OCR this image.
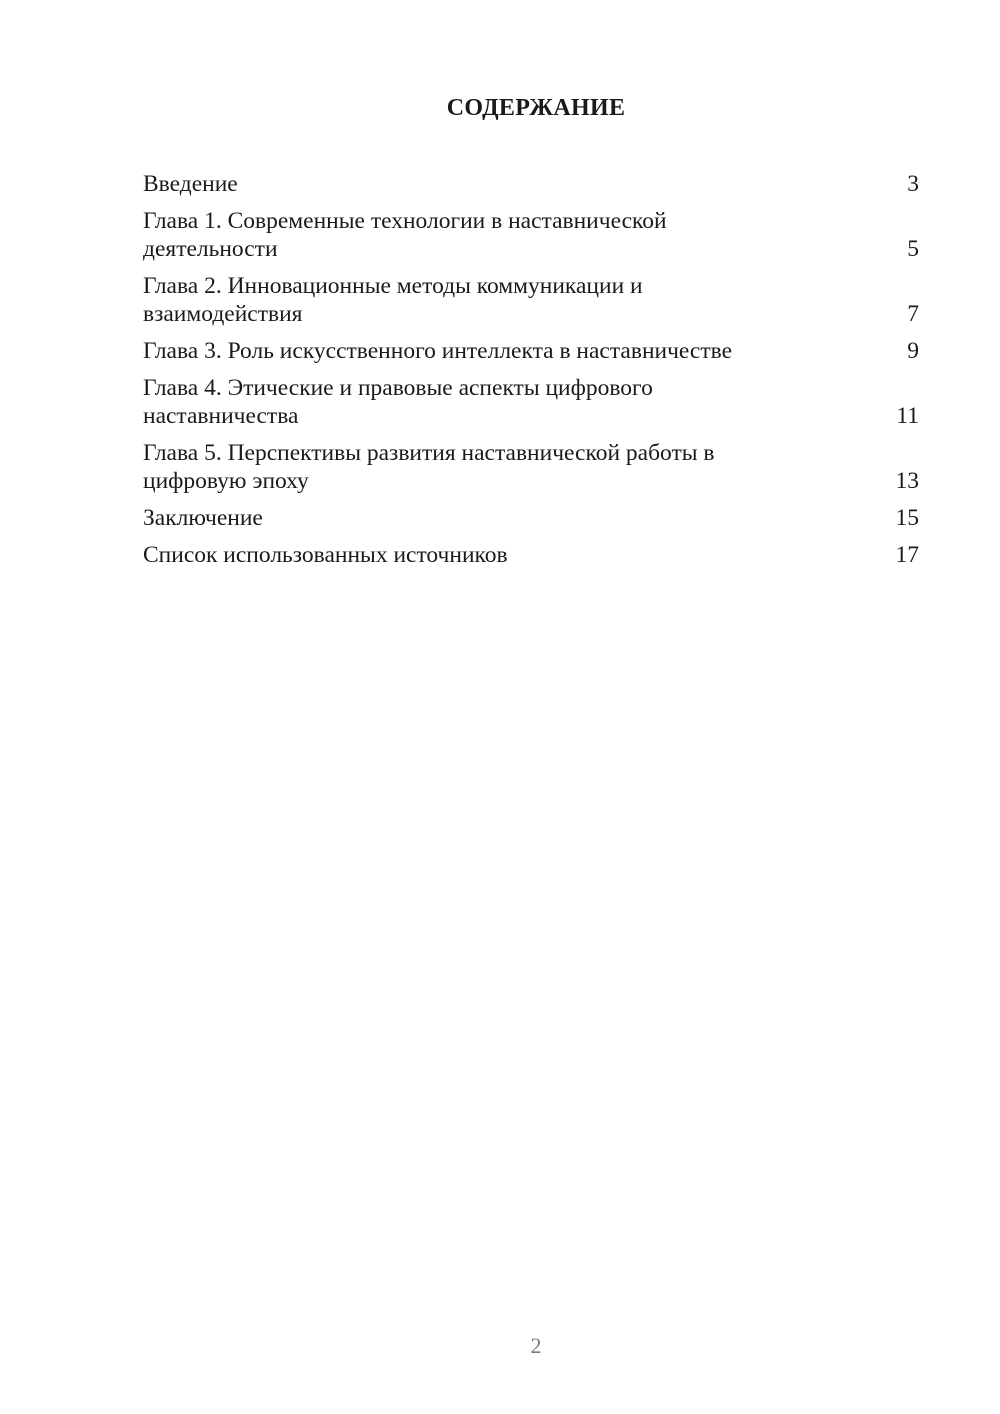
СОДЕРЖАНИЕ
Введение	3
Глава 1. Современные технологии в наставнической деятельности	5
Глава 2. Инновационные методы коммуникации и взаимодействия	7
Глава 3. Роль искусственного интеллекта в наставничестве	9
Глава 4. Этические и правовые аспекты цифрового наставничества	11
Глава 5. Перспективы развития наставнической работы в цифровую эпоху	13
Заключение	15
Список использованных источников	17
2
